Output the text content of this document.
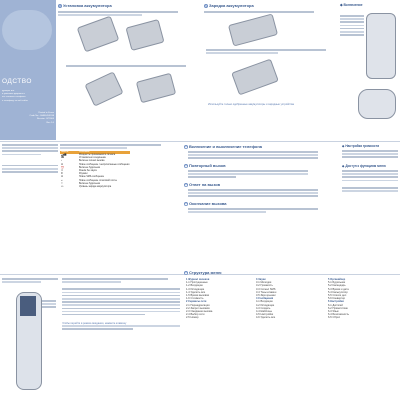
ОДСТВО
дующие инс
и указания здоровья и
ете сотового телефона
о телефону, на веб-сайте
Printed in Korea
Code No.: GH68-05537A
Russian. 07/2004
Rev 1.0
1 Установка аккумулятора	2 Зарядка аккумулятора
Используйте только одобренные аккумуляторы и зарядные устройства
◆ Включение
Значок	Описание
▂▄▆	Мощность принимаемого сигнала
☎	Установлено соединение
♪	Включен сигнал вызова
✉	Новое сообщение / непрочитанные сообщения
⏰	Включен будильник
✕	Режим без звука
R	Роуминг
✉	Новое SMS-сообщение
∞	Новое сообщение голосовой почты
⏱	Включен будильник
▭	Уровень заряда аккумулятора
◆ Включение и выключение телефона
◆ Повторный вызов
◆ Ответ на вызов
◆ Окончание вызова
◆ Настройка громкости
◆ Доступ к функциям меню
Чтобы перейти в режим ожидания, нажмите клавишу
◆ Структура меню
1 Журнал звонков
1-1 Пропущенные
1-2 Входящие
1-3 Исходящие
1-4 Удалить все
1-5 Время вызовов
1-6 Стоимость
2 Сервисы сети
2-1 Переадресация
2-2 Запрет вызовов
2-3 Ожидание вызова
2-4 Выбор сети
2-5 Номер
3 Звуки
3-1 Мелодия
3-2 Громкость
3-3 Сигнал SMS
3-4 Тоны клавиш
3-5 Звук крышки
4 Сообщения
4-1 Входящие
4-2 Исходящие
4-3 Создать
4-4 Шаблоны
4-5 Настройки
4-6 Удалить все
5 Органайзер
5-1 Будильник
5-2 Календарь
5-3 Время и дата
5-4 Калькулятор
5-5 Список дел
5-6 Конвертер
6 Настройки
6-1 Дисплей
6-2 Приветствие
6-3 Язык
6-4 Безопасность
6-5 Сброс
